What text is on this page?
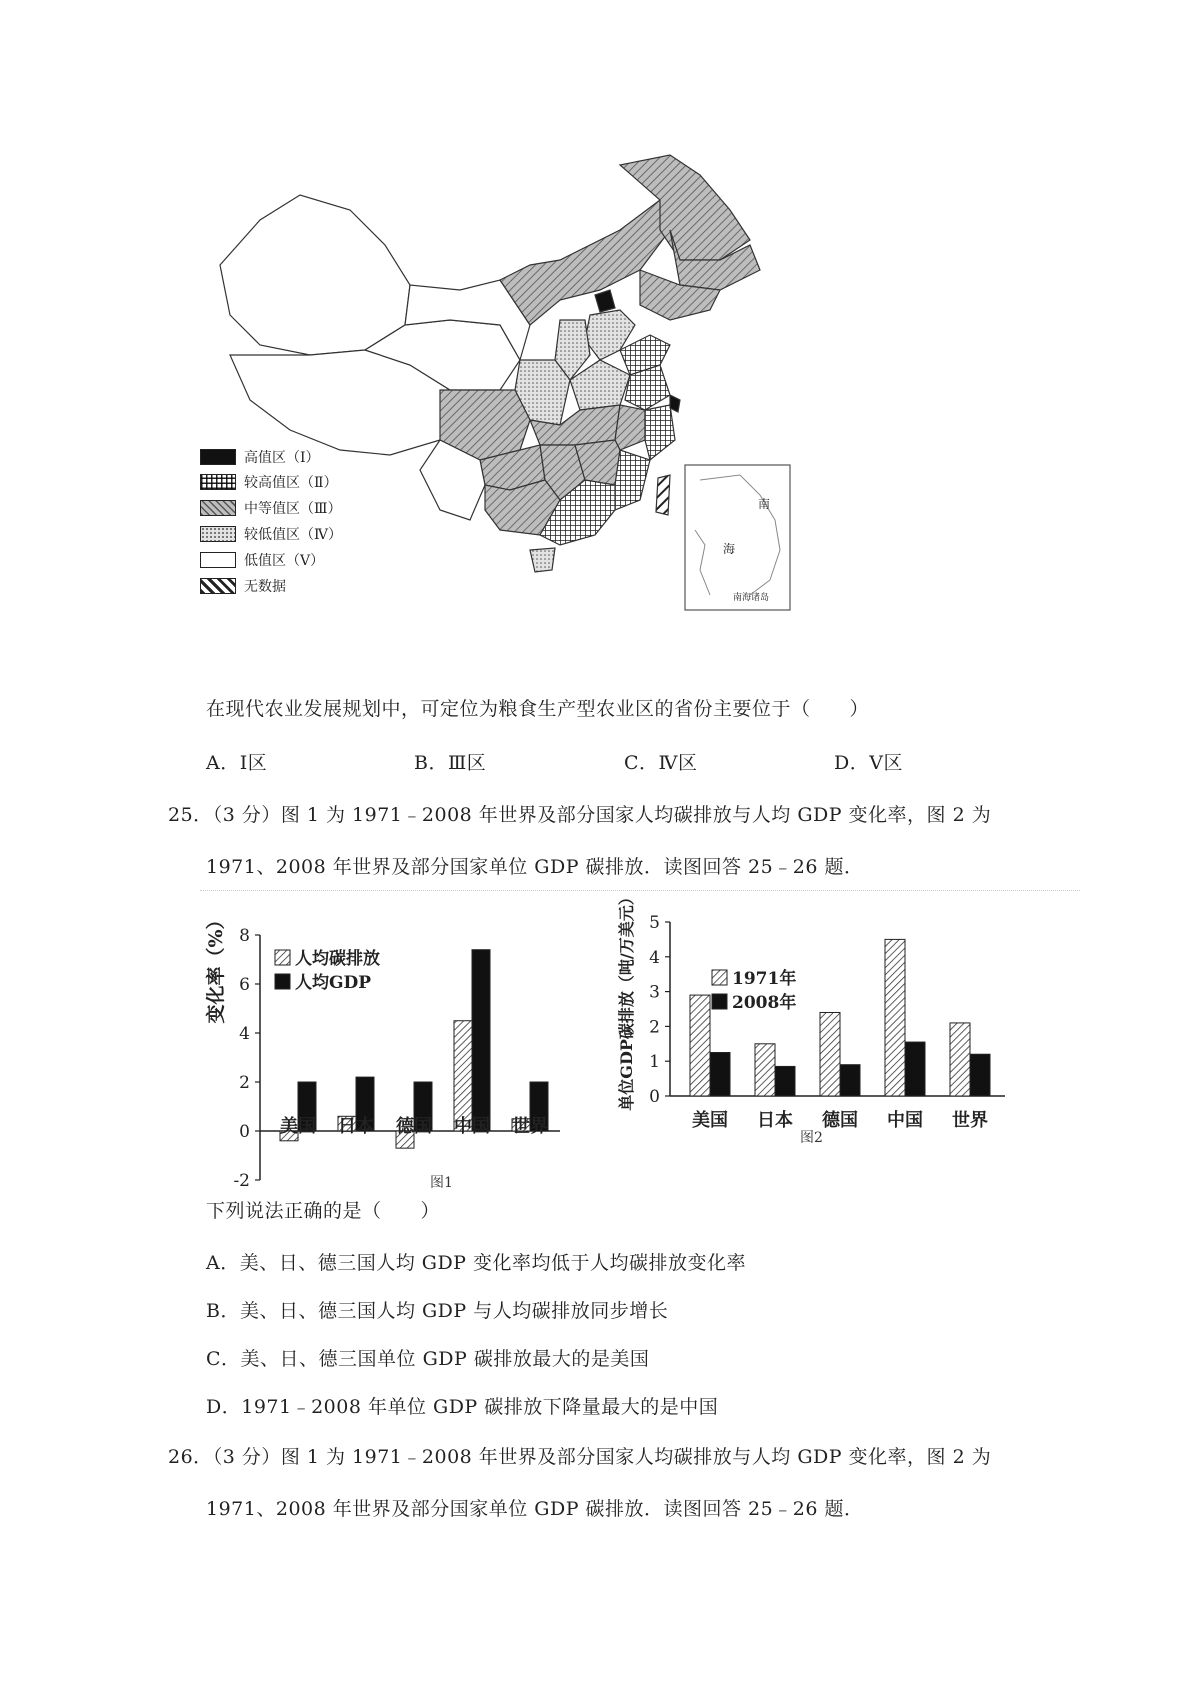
南
海
南海诸岛
高值区（Ⅰ）
较高值区（Ⅱ）
中等值区（Ⅲ）
较低值区（Ⅳ）
低值区（Ⅴ）
无数据
在现代农业发展规划中，可定位为粮食生产型农业区的省份主要位于（　　）
A．Ⅰ区	B．Ⅲ区	C．Ⅳ区	D．Ⅴ区
25．（3 分）图 1 为 1971﹣2008 年世界及部分国家人均碳排放与人均 GDP 变化率，图 2 为
1971、2008 年世界及部分国家单位 GDP 碳排放．读图回答 25﹣26 题．
-2
0
2
4
6
8
变化率（%）
美国 日本 德国 中国 世界
人均碳排放
人均GDP
图1
0
1
2
3
4
5
单位GDP碳排放（吨/万美元）
美国 日本 德国 中国 世界
1971年
2008年
图2
下列说法正确的是（　　）
A．美、日、德三国人均 GDP 变化率均低于人均碳排放变化率
B．美、日、德三国人均 GDP 与人均碳排放同步增长
C．美、日、德三国单位 GDP 碳排放最大的是美国
D．1971﹣2008 年单位 GDP 碳排放下降量最大的是中国
26．（3 分）图 1 为 1971﹣2008 年世界及部分国家人均碳排放与人均 GDP 变化率，图 2 为
1971、2008 年世界及部分国家单位 GDP 碳排放．读图回答 25﹣26 题．
